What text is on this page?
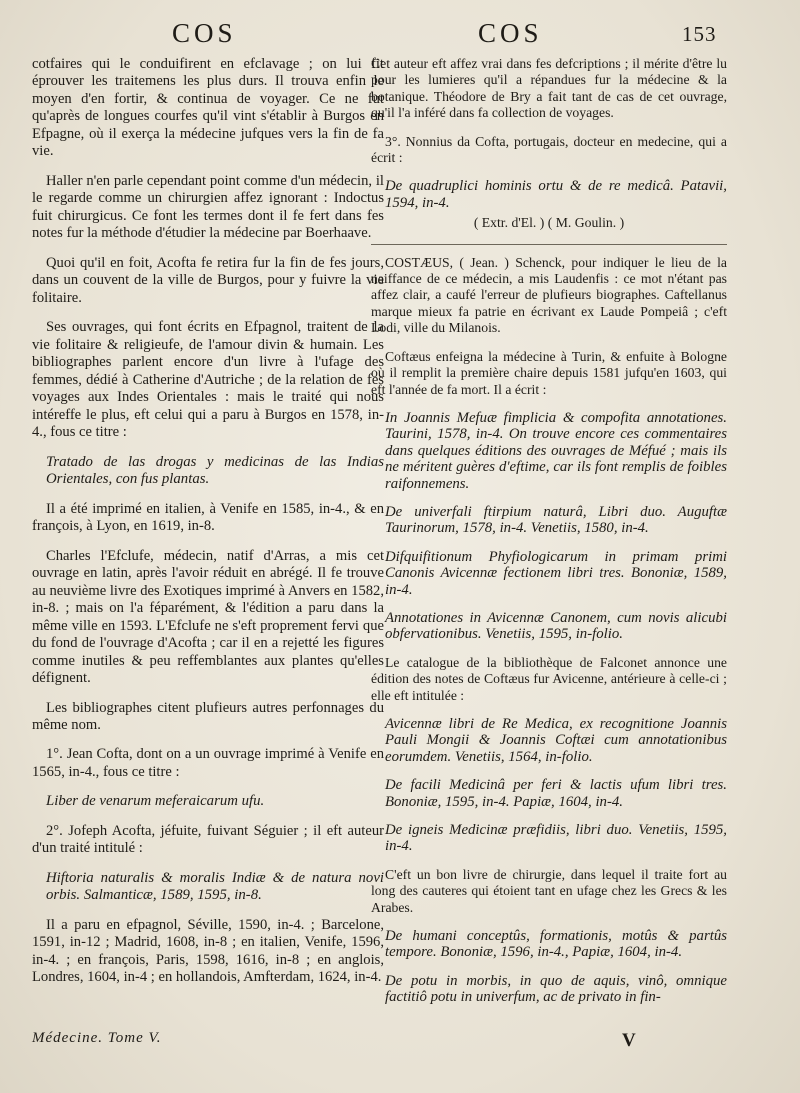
COS	COS	153

cotfaires qui le conduifirent en efclavage ; on lui fit éprouver les traitemens les plus durs. Il trouva enfin le moyen d'en fortir, & continua de voyager. Ce ne fut qu'après de longues courfes qu'il vint s'établir à Burgos en Efpagne, où il exerça la médecine jufques vers la fin de fa vie.

Haller n'en parle cependant point comme d'un médecin, il le regarde comme un chirurgien affez ignorant : Indoctus fuit chirurgicus. Ce font les termes dont il fe fert dans fes notes fur la méthode d'étudier la médecine par Boerhaave.

Quoi qu'il en foit, Acofta fe retira fur la fin de fes jours, dans un couvent de la ville de Burgos, pour y fuivre la vie folitaire.

Ses ouvrages, qui font écrits en Efpagnol, traitent de la vie folitaire & religieufe, de l'amour divin & humain. Les bibliographes parlent encore d'un livre à l'ufage des femmes, dédié à Catherine d'Autriche ; de la relation de fes voyages aux Indes Orientales : mais le traité qui nous intéreffe le plus, eft celui qui a paru à Burgos en 1578, in-4., fous ce titre :

Tratado de las drogas y medicinas de las Indias Orientales, con fus plantas.

Il a été imprimé en italien, à Venife en 1585, in-4., & en françois, à Lyon, en 1619, in-8.

Charles l'Efclufe, médecin, natif d'Arras, a mis cet ouvrage en latin, après l'avoir réduit en abrégé. Il fe trouve au neuvième livre des Exotiques imprimé à Anvers en 1582, in-8. ; mais on l'a féparément, & l'édition a paru dans la même ville en 1593. L'Efclufe ne s'eft proprement fervi que du fond de l'ouvrage d'Acofta ; car il en a rejetté les figures comme inutiles & peu reffemblantes aux plantes qu'elles défignent.

Les bibliographes citent plufieurs autres perfonnages du même nom.

1°. Jean Cofta, dont on a un ouvrage imprimé à Venife en 1565, in-4., fous ce titre :

Liber de venarum meferaicarum ufu.

2°. Jofeph Acofta, jéfuite, fuivant Séguier ; il eft auteur d'un traité intitulé :

Hiftoria naturalis & moralis Indiæ & de natura novi orbis. Salmanticæ, 1589, 1595, in-8.

Il a paru en efpagnol, Séville, 1590, in-4. ; Barcelone, 1591, in-12 ; Madrid, 1608, in-8 ; en italien, Venife, 1596, in-4. ; en françois, Paris, 1598, 1616, in-8 ; en anglois, Londres, 1604, in-4 ; en hollandois, Amfterdam, 1624, in-4.

Cet auteur eft affez vrai dans fes defcriptions ; il mérite d'être lu pour les lumieres qu'il a répandues fur la médecine & la botanique. Théodore de Bry a fait tant de cas de cet ouvrage, qu'il l'a inféré dans fa collection de voyages.

3°. Nonnius da Cofta, portugais, docteur en medecine, qui a écrit :

De quadruplici hominis ortu & de re medicâ. Patavii, 1594, in-4.

( Extr. d'El. ) ( M. Goulin. )

COSTÆUS, ( Jean. ) Schenck, pour indiquer le lieu de la naiffance de ce médecin, a mis Laudenfis : ce mot n'étant pas affez clair, a caufé l'erreur de plufieurs biographes. Caftellanus marque mieux fa patrie en écrivant ex Laude Pompeiâ ; c'eft Lodi, ville du Milanois.

Coftæus enfeigna la médecine à Turin, & enfuite à Bologne où il remplit la première chaire depuis 1581 jufqu'en 1603, qui eft l'année de fa mort. Il a écrit :

In Joannis Mefuæ fimplicia & compofita annotationes. Taurini, 1578, in-4. On trouve encore ces commentaires dans quelques éditions des ouvrages de Méfué ; mais ils ne méritent guères d'eftime, car ils font remplis de foibles raifonnemens.

De univerfali ftirpium naturâ, Libri duo. Auguftæ Taurinorum, 1578, in-4. Venetiis, 1580, in-4.

Difquifitionum Phyfiologicarum in primam primi Canonis Avicennæ fectionem libri tres. Bononiæ, 1589, in-4.

Annotationes in Avicennæ Canonem, cum novis alicubi obfervationibus. Venetiis, 1595, in-folio.

Le catalogue de la bibliothèque de Falconet annonce une édition des notes de Coftæus fur Avicenne, antérieure à celle-ci ; elle eft intitulée :

Avicennæ libri de Re Medica, ex recognitione Joannis Pauli Mongii & Joannis Coftæi cum annotationibus eorumdem. Venetiis, 1564, in-folio.

De facili Medicinâ per feri & lactis ufum libri tres. Bononiæ, 1595, in-4. Papiæ, 1604, in-4.

De igneis Medicinæ præfidiis, libri duo. Venetiis, 1595, in-4.

C'eft un bon livre de chirurgie, dans lequel il traite fort au long des cauteres qui étoient tant en ufage chez les Grecs & les Arabes.

De humani conceptûs, formationis, motûs & partûs tempore. Bononiæ, 1596, in-4., Papiæ, 1604, in-4.

De potu in morbis, in quo de aquis, vinô, omnique factitiô potu in univerfum, ac de privato in fin-

Médecine. Tome V.	V
